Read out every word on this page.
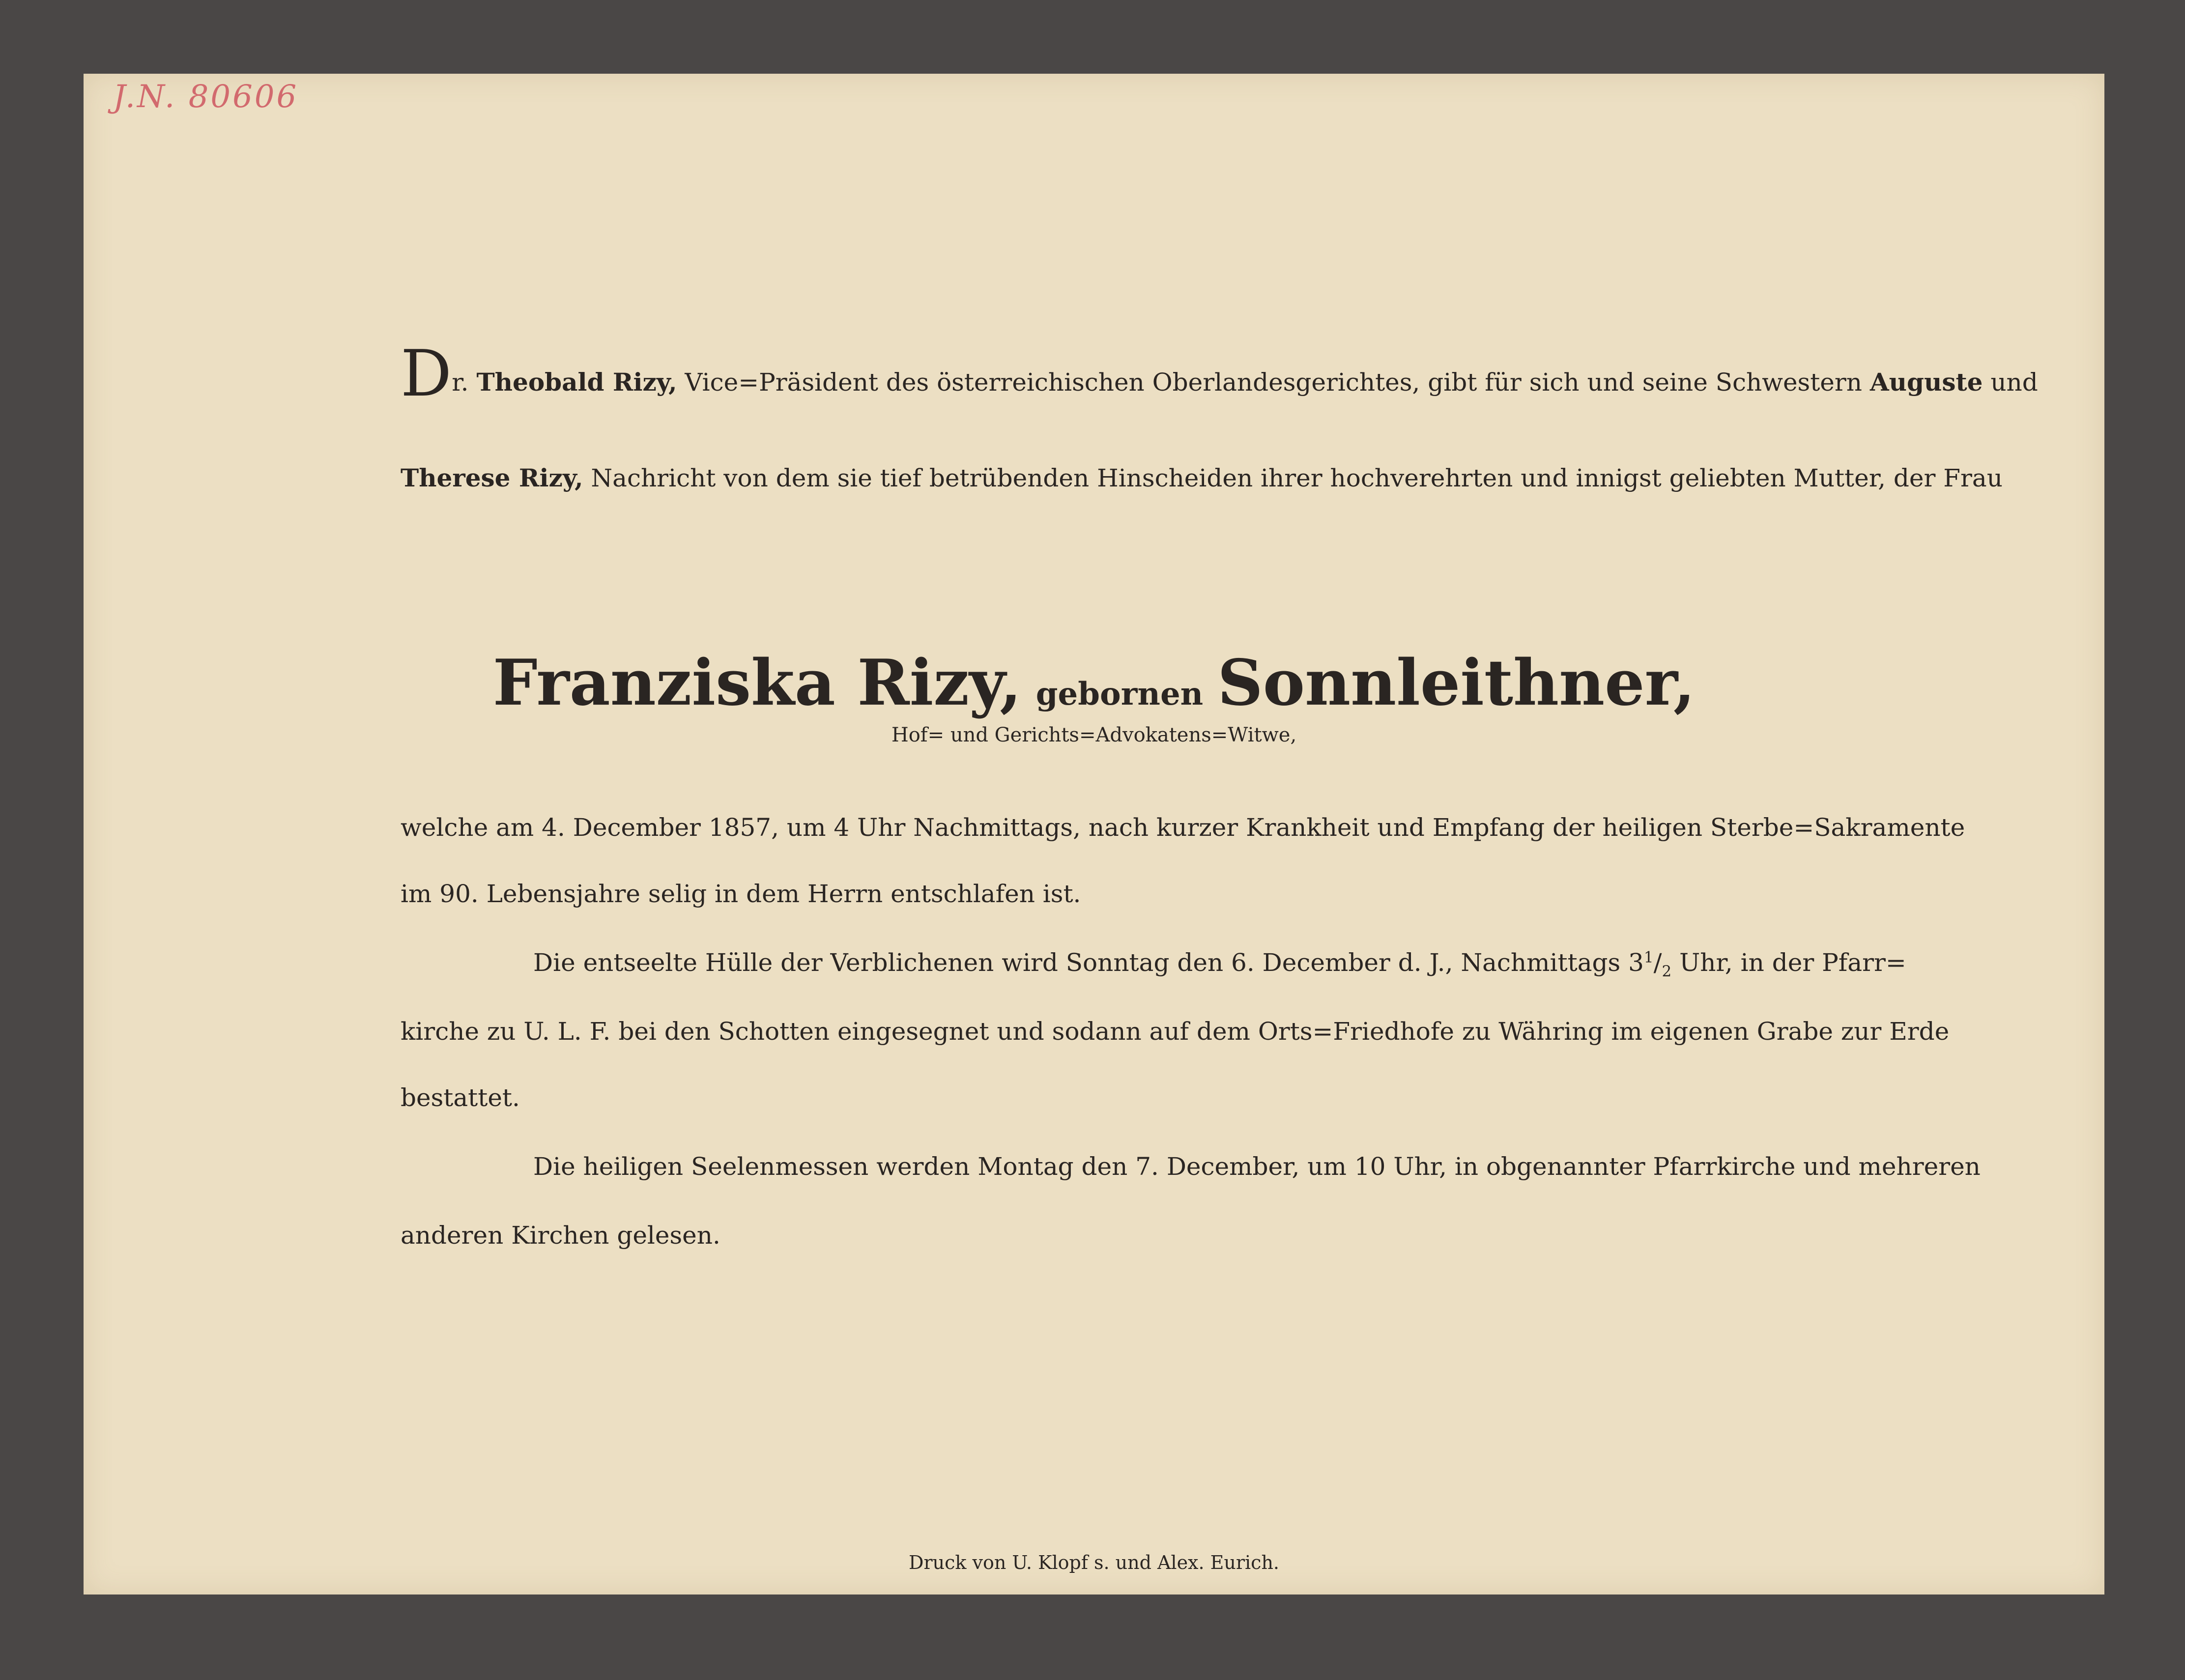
J.N. 80606
Dr. Theobald Rizy, Vice=Präsident des österreichischen Oberlandesgerichtes, gibt für sich und seine Schwestern Auguste und
Therese Rizy, Nachricht von dem sie tief betrübenden Hinscheiden ihrer hochverehrten und innigst geliebten Mutter, der Frau
Franziska Rizy, gebornen Sonnleithner,
Hof= und Gerichts=Advokatens=Witwe,
welche am 4. December 1857, um 4 Uhr Nachmittags, nach kurzer Krankheit und Empfang der heiligen Sterbe=Sakramente
im 90. Lebensjahre selig in dem Herrn entschlafen ist.
Die entseelte Hülle der Verblichenen wird Sonntag den 6. December d. J., Nachmittags $3^1/_2$ Uhr, in der Pfarr=
kirche zu U. L. F. bei den Schotten eingesegnet und sodann auf dem Orts=Friedhofe zu Währing im eigenen Grabe zur Erde
bestattet.
Die heiligen Seelenmessen werden Montag den 7. December, um 10 Uhr, in obgenannter Pfarrkirche und mehreren
anderen Kirchen gelesen.
Druck von U. Klopf s. und Alex. Eurich.
